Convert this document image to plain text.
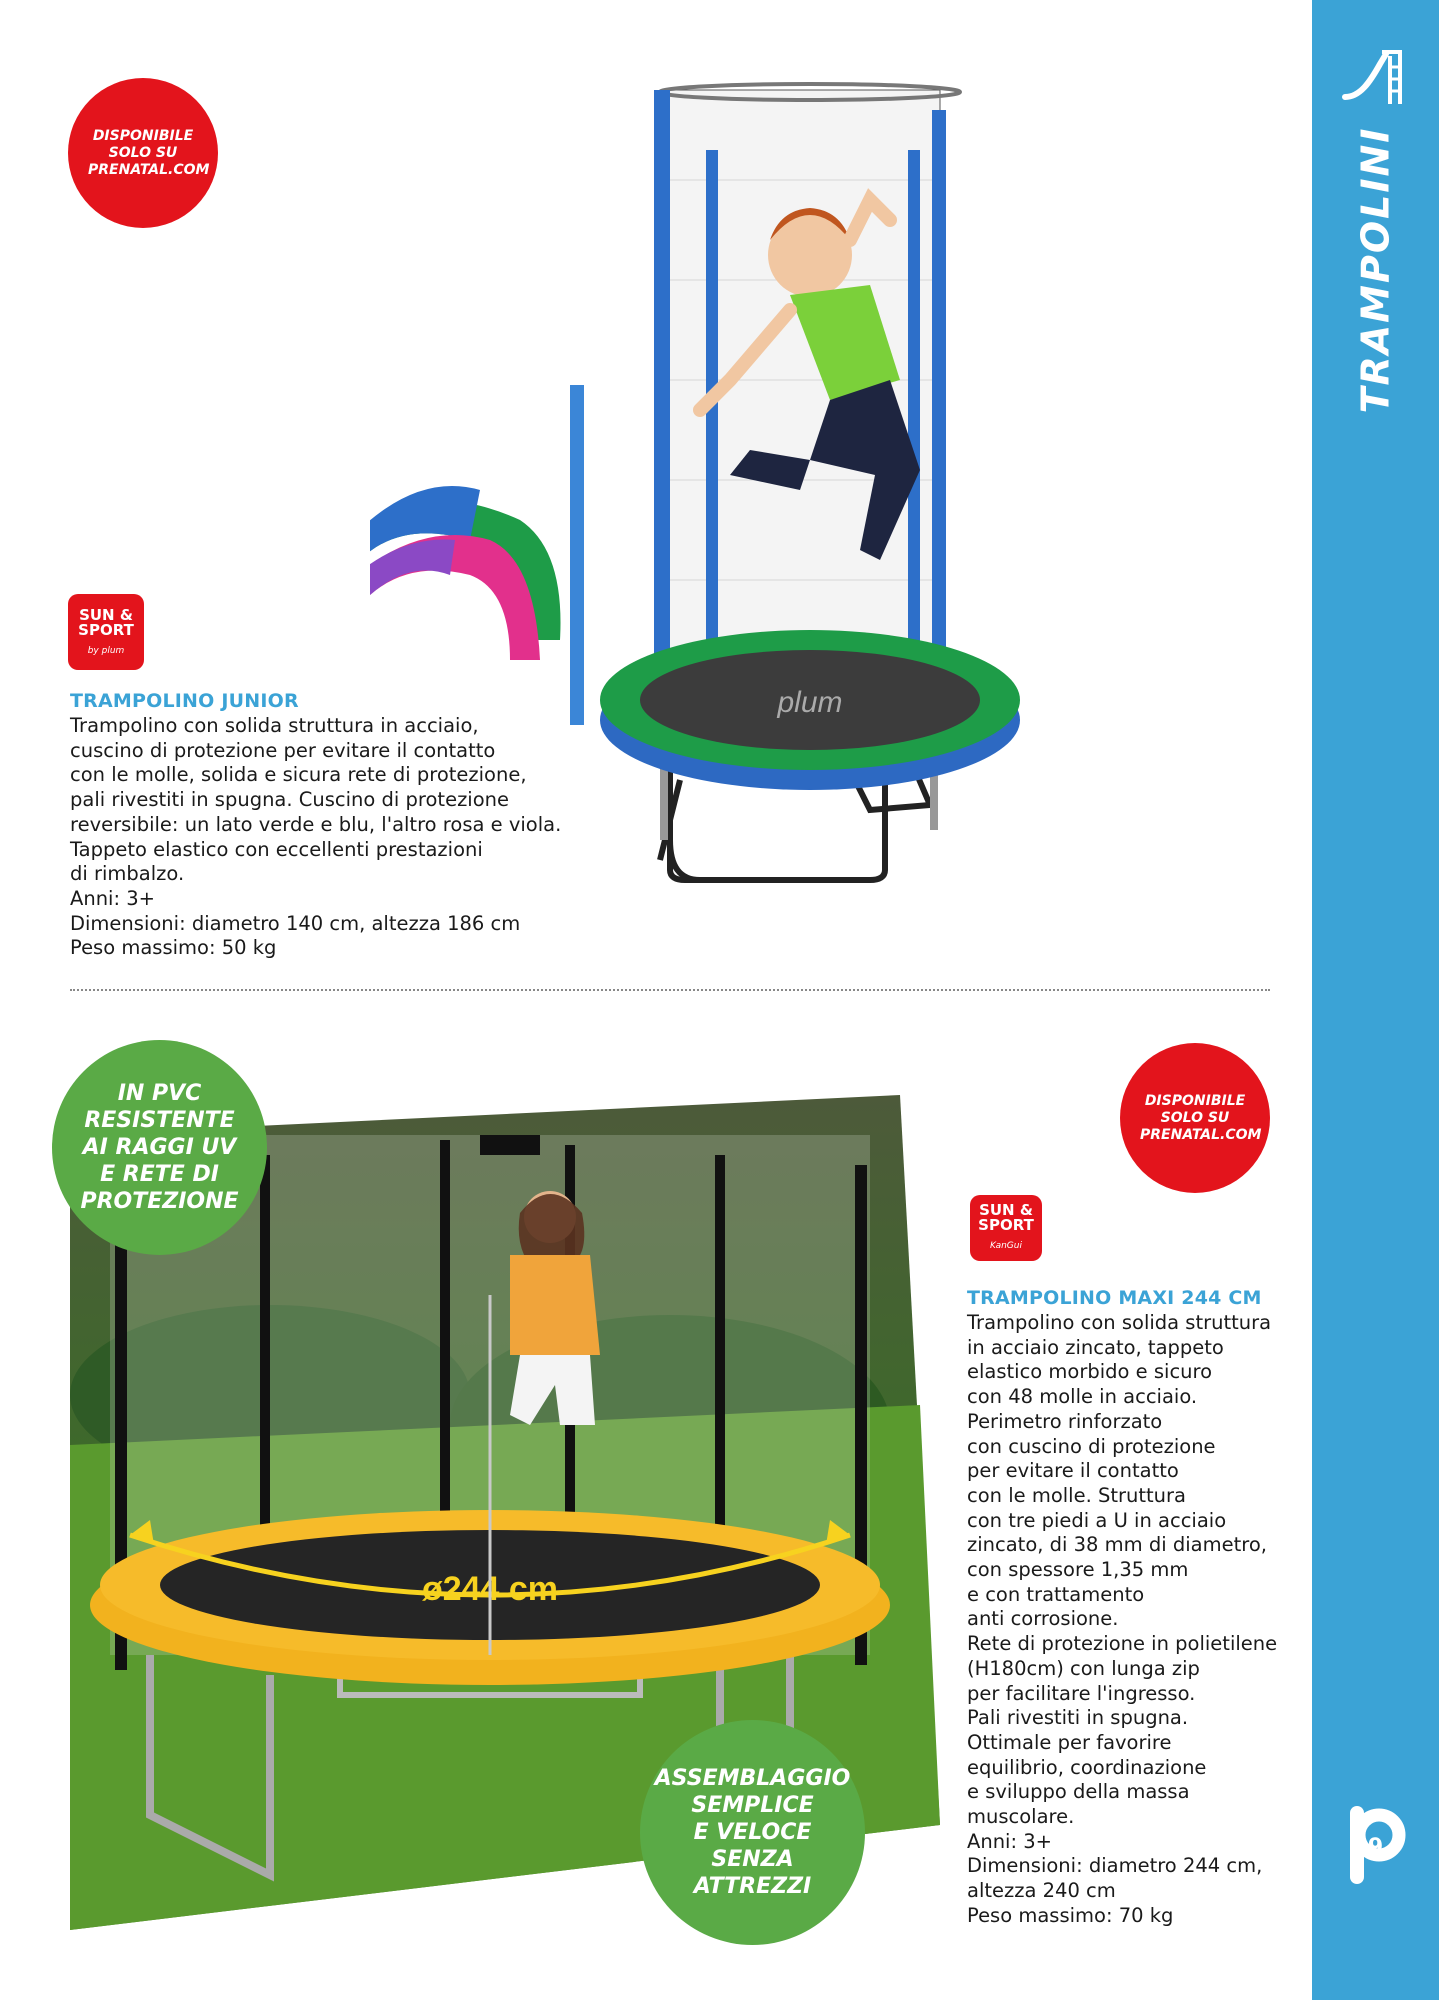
TRAMPOLINI
9
DISPONIBILE
SOLO SU
PRENATAL.COM
plum
SUN &
SPORT
by plum
TRAMPOLINO JUNIOR
Trampolino con solida struttura in acciaio,
cuscino di protezione per evitare il contatto
con le molle, solida e sicura rete di protezione,
pali rivestiti in spugna. Cuscino di protezione
reversibile: un lato verde e blu, l'altro rosa e viola.
Tappeto elastico con eccellenti prestazioni
di rimbalzo.
Anni: 3+
Dimensioni: diametro 140 cm, altezza 186 cm
Peso massimo: 50 kg
ø244 cm
IN PVC
RESISTENTE
AI RAGGI UV
E RETE DI
PROTEZIONE
ASSEMBLAGGIO
SEMPLICE
E VELOCE
SENZA
ATTREZZI
DISPONIBILE
SOLO SU
PRENATAL.COM
SUN &
SPORT
KanGui
TRAMPOLINO MAXI 244 CM
Trampolino con solida struttura
in acciaio zincato, tappeto
elastico morbido e sicuro
con 48 molle in acciaio.
Perimetro rinforzato
con cuscino di protezione
per evitare il contatto
con le molle. Struttura
con tre piedi a U in acciaio
zincato, di 38 mm di diametro,
con spessore 1,35 mm
e con trattamento
anti corrosione.
Rete di protezione in polietilene
(H180cm) con lunga zip
per facilitare l'ingresso.
Pali rivestiti in spugna.
Ottimale per favorire
equilibrio, coordinazione
e sviluppo della massa
muscolare.
Anni: 3+
Dimensioni: diametro 244 cm,
altezza 240 cm
Peso massimo: 70 kg
